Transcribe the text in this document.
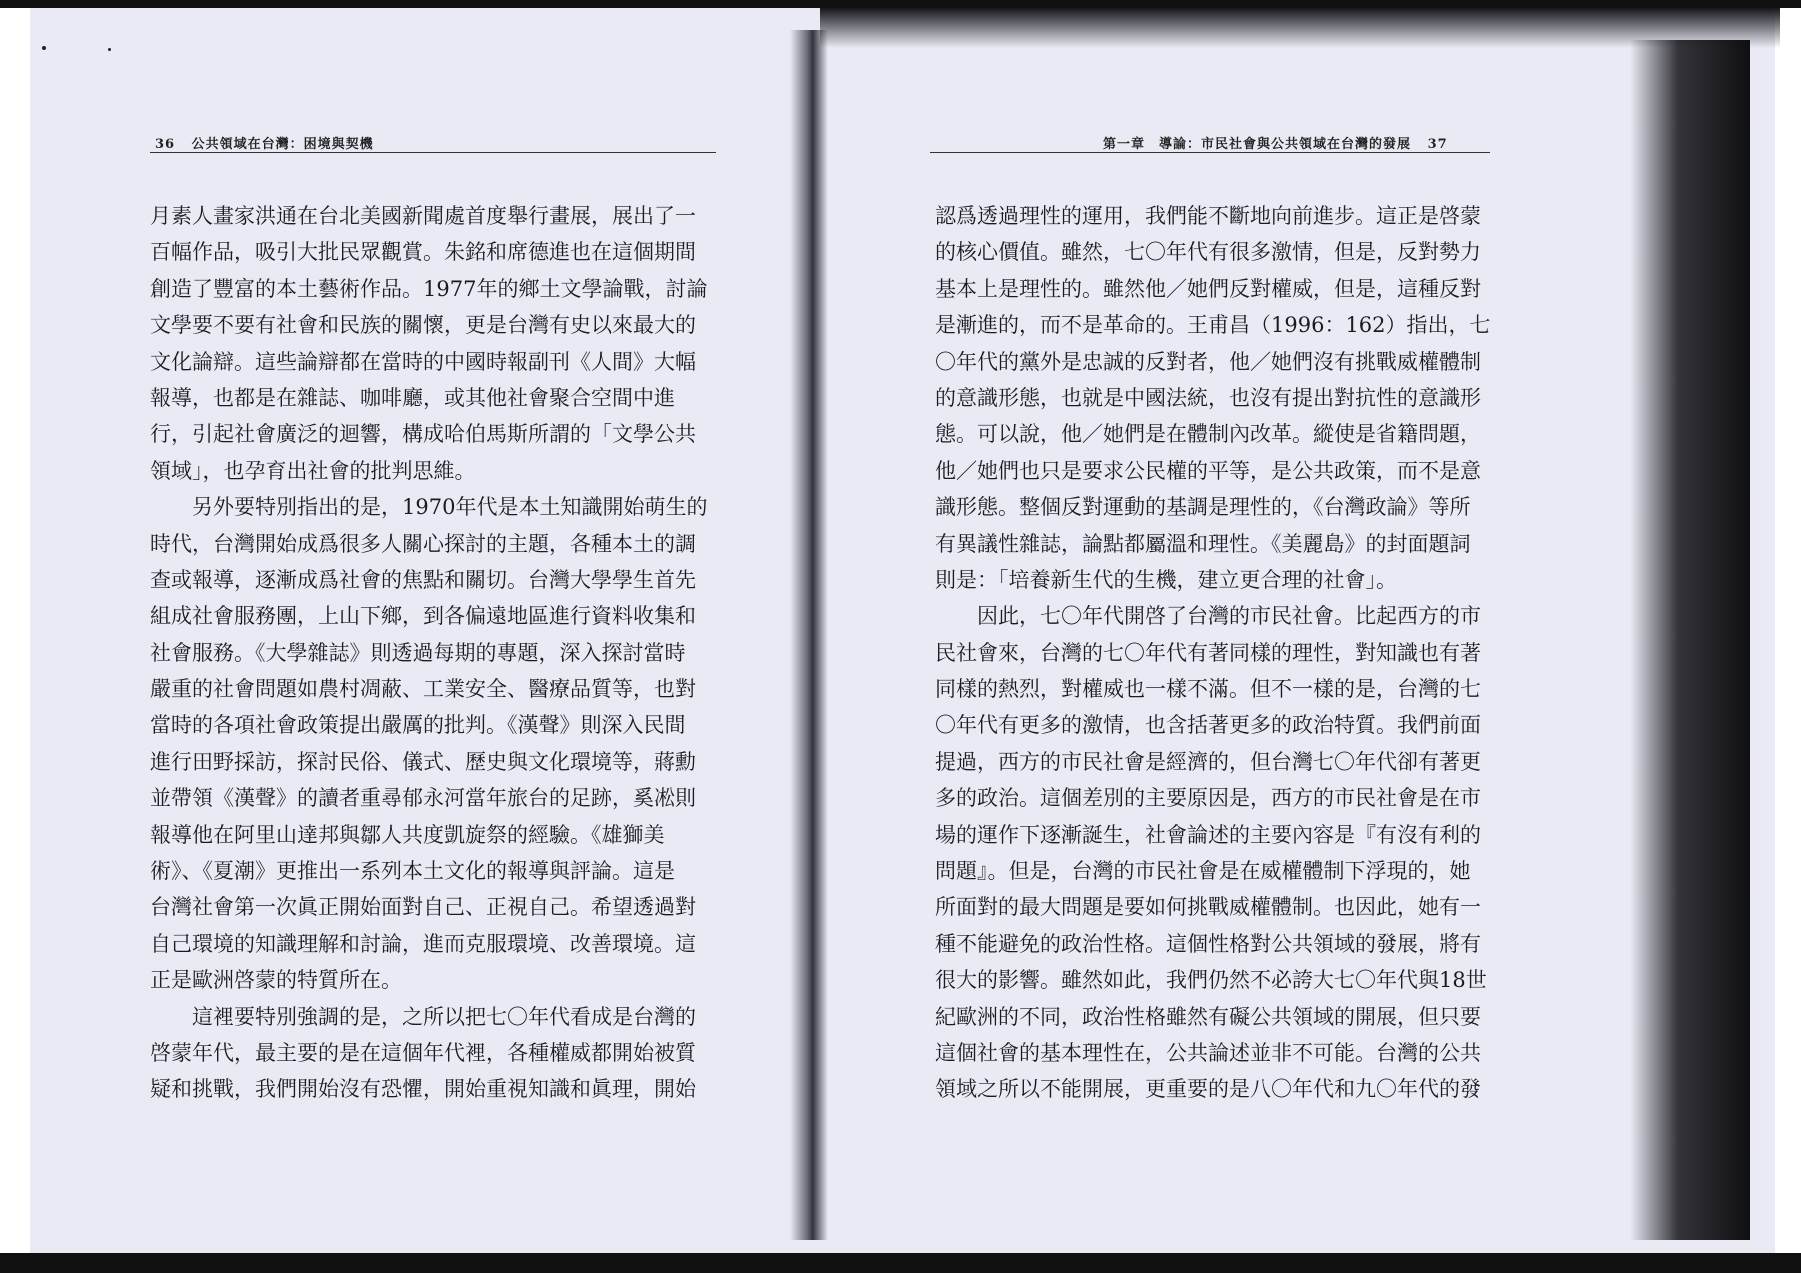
36 公共領域在台灣：困境與契機
月素人畫家洪通在台北美國新聞處首度舉行畫展，展出了一
百幅作品，吸引大批民眾觀賞。朱銘和席德進也在這個期間
創造了豐富的本土藝術作品。1977年的鄉土文學論戰，討論
文學要不要有社會和民族的關懷，更是台灣有史以來最大的
文化論辯。這些論辯都在當時的中國時報副刊《人間》大幅
報導，也都是在雜誌、咖啡廳，或其他社會聚合空間中進
行，引起社會廣泛的迴響，構成哈伯馬斯所謂的「文學公共
領域」，也孕育出社會的批判思維。
另外要特別指出的是，1970年代是本土知識開始萌生的
時代，台灣開始成爲很多人關心探討的主題，各種本土的調
查或報導，逐漸成爲社會的焦點和關切。台灣大學學生首先
組成社會服務團，上山下鄉，到各偏遠地區進行資料收集和
社會服務。《大學雜誌》則透過每期的專題，深入探討當時
嚴重的社會問題如農村凋蔽、工業安全、醫療品質等，也對
當時的各項社會政策提出嚴厲的批判。《漢聲》則深入民間
進行田野採訪，探討民俗、儀式、歷史與文化環境等，蔣勳
並帶領《漢聲》的讀者重尋郁永河當年旅台的足跡，奚凇則
報導他在阿里山達邦與鄒人共度凱旋祭的經驗。《雄獅美
術》、《夏潮》更推出一系列本土文化的報導與評論。這是
台灣社會第一次眞正開始面對自己、正視自己。希望透過對
自己環境的知識理解和討論，進而克服環境、改善環境。這
正是歐洲啓蒙的特質所在。
這裡要特別強調的是，之所以把七〇年代看成是台灣的
啓蒙年代，最主要的是在這個年代裡，各種權威都開始被質
疑和挑戰，我們開始沒有恐懼，開始重視知識和眞理，開始
第一章　導論：市民社會與公共領域在台灣的發展 37
認爲透過理性的運用，我們能不斷地向前進步。這正是啓蒙
的核心價值。雖然，七〇年代有很多激情，但是，反對勢力
基本上是理性的。雖然他／她們反對權威，但是，這種反對
是漸進的，而不是革命的。王甫昌（1996：162）指出，七
〇年代的黨外是忠誠的反對者，他／她們沒有挑戰威權體制
的意識形態，也就是中國法統，也沒有提出對抗性的意識形
態。可以說，他／她們是在體制內改革。縱使是省籍問題，
他／她們也只是要求公民權的平等，是公共政策，而不是意
識形態。整個反對運動的基調是理性的，《台灣政論》等所
有異議性雜誌，論點都屬溫和理性。《美麗島》的封面題詞
則是：「培養新生代的生機，建立更合理的社會」。
因此，七〇年代開啓了台灣的市民社會。比起西方的市
民社會來，台灣的七〇年代有著同樣的理性，對知識也有著
同樣的熱烈，對權威也一樣不滿。但不一樣的是，台灣的七
〇年代有更多的激情，也含括著更多的政治特質。我們前面
提過，西方的市民社會是經濟的，但台灣七〇年代卻有著更
多的政治。這個差別的主要原因是，西方的市民社會是在市
場的運作下逐漸誕生，社會論述的主要內容是『有沒有利的
問題』。但是，台灣的市民社會是在威權體制下浮現的，她
所面對的最大問題是要如何挑戰威權體制。也因此，她有一
種不能避免的政治性格。這個性格對公共領域的發展，將有
很大的影響。雖然如此，我們仍然不必誇大七〇年代與18世
紀歐洲的不同，政治性格雖然有礙公共領域的開展，但只要
這個社會的基本理性在，公共論述並非不可能。台灣的公共
領域之所以不能開展，更重要的是八〇年代和九〇年代的發
